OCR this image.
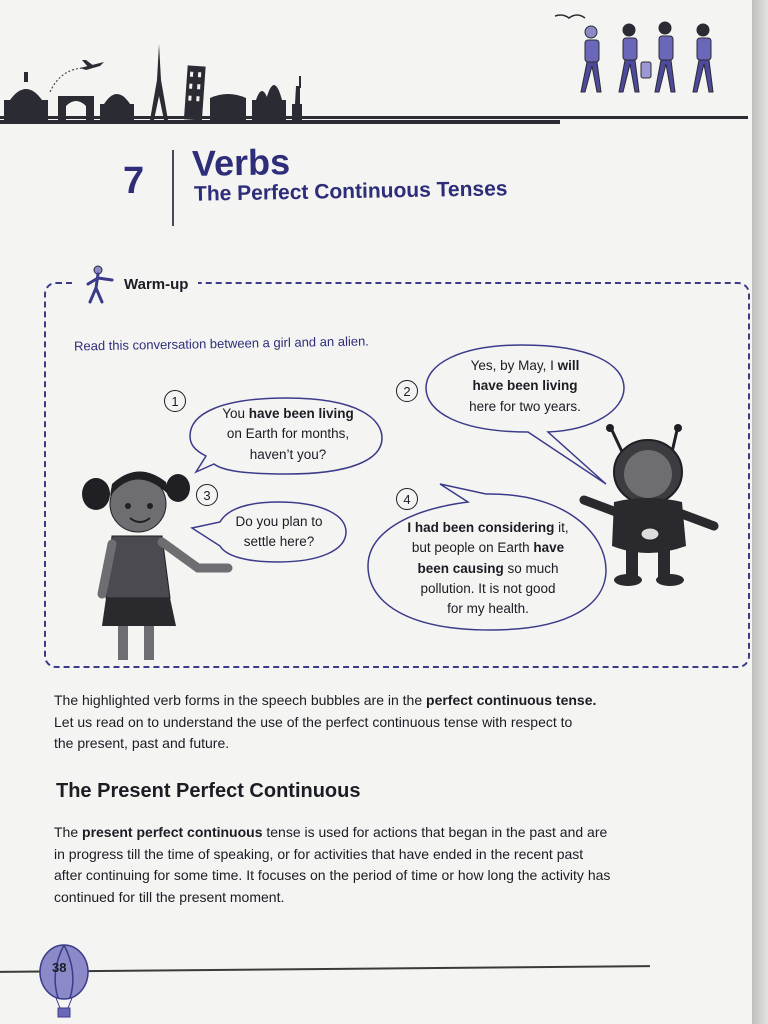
7 Verbs
The Perfect Continuous Tenses
Warm-up
Read this conversation between a girl and an alien.
1
2
3	4
You have been living
on Earth for months,
haven’t you?
Yes, by May, I will
have been living
here for two years.
Do you plan to
settle here?
I had been considering it,
but people on Earth have
been causing so much
pollution. It is not good
for my health.
The highlighted verb forms in the speech bubbles are in the perfect continuous tense.
Let us read on to understand the use of the perfect continuous tense with respect to
the present, past and future.
The Present Perfect Continuous
The present perfect continuous tense is used for actions that began in the past and are
in progress till the time of speaking, or for activities that have ended in the recent past
after continuing for some time. It focuses on the period of time or how long the activity has
continued for till the present moment.
38
